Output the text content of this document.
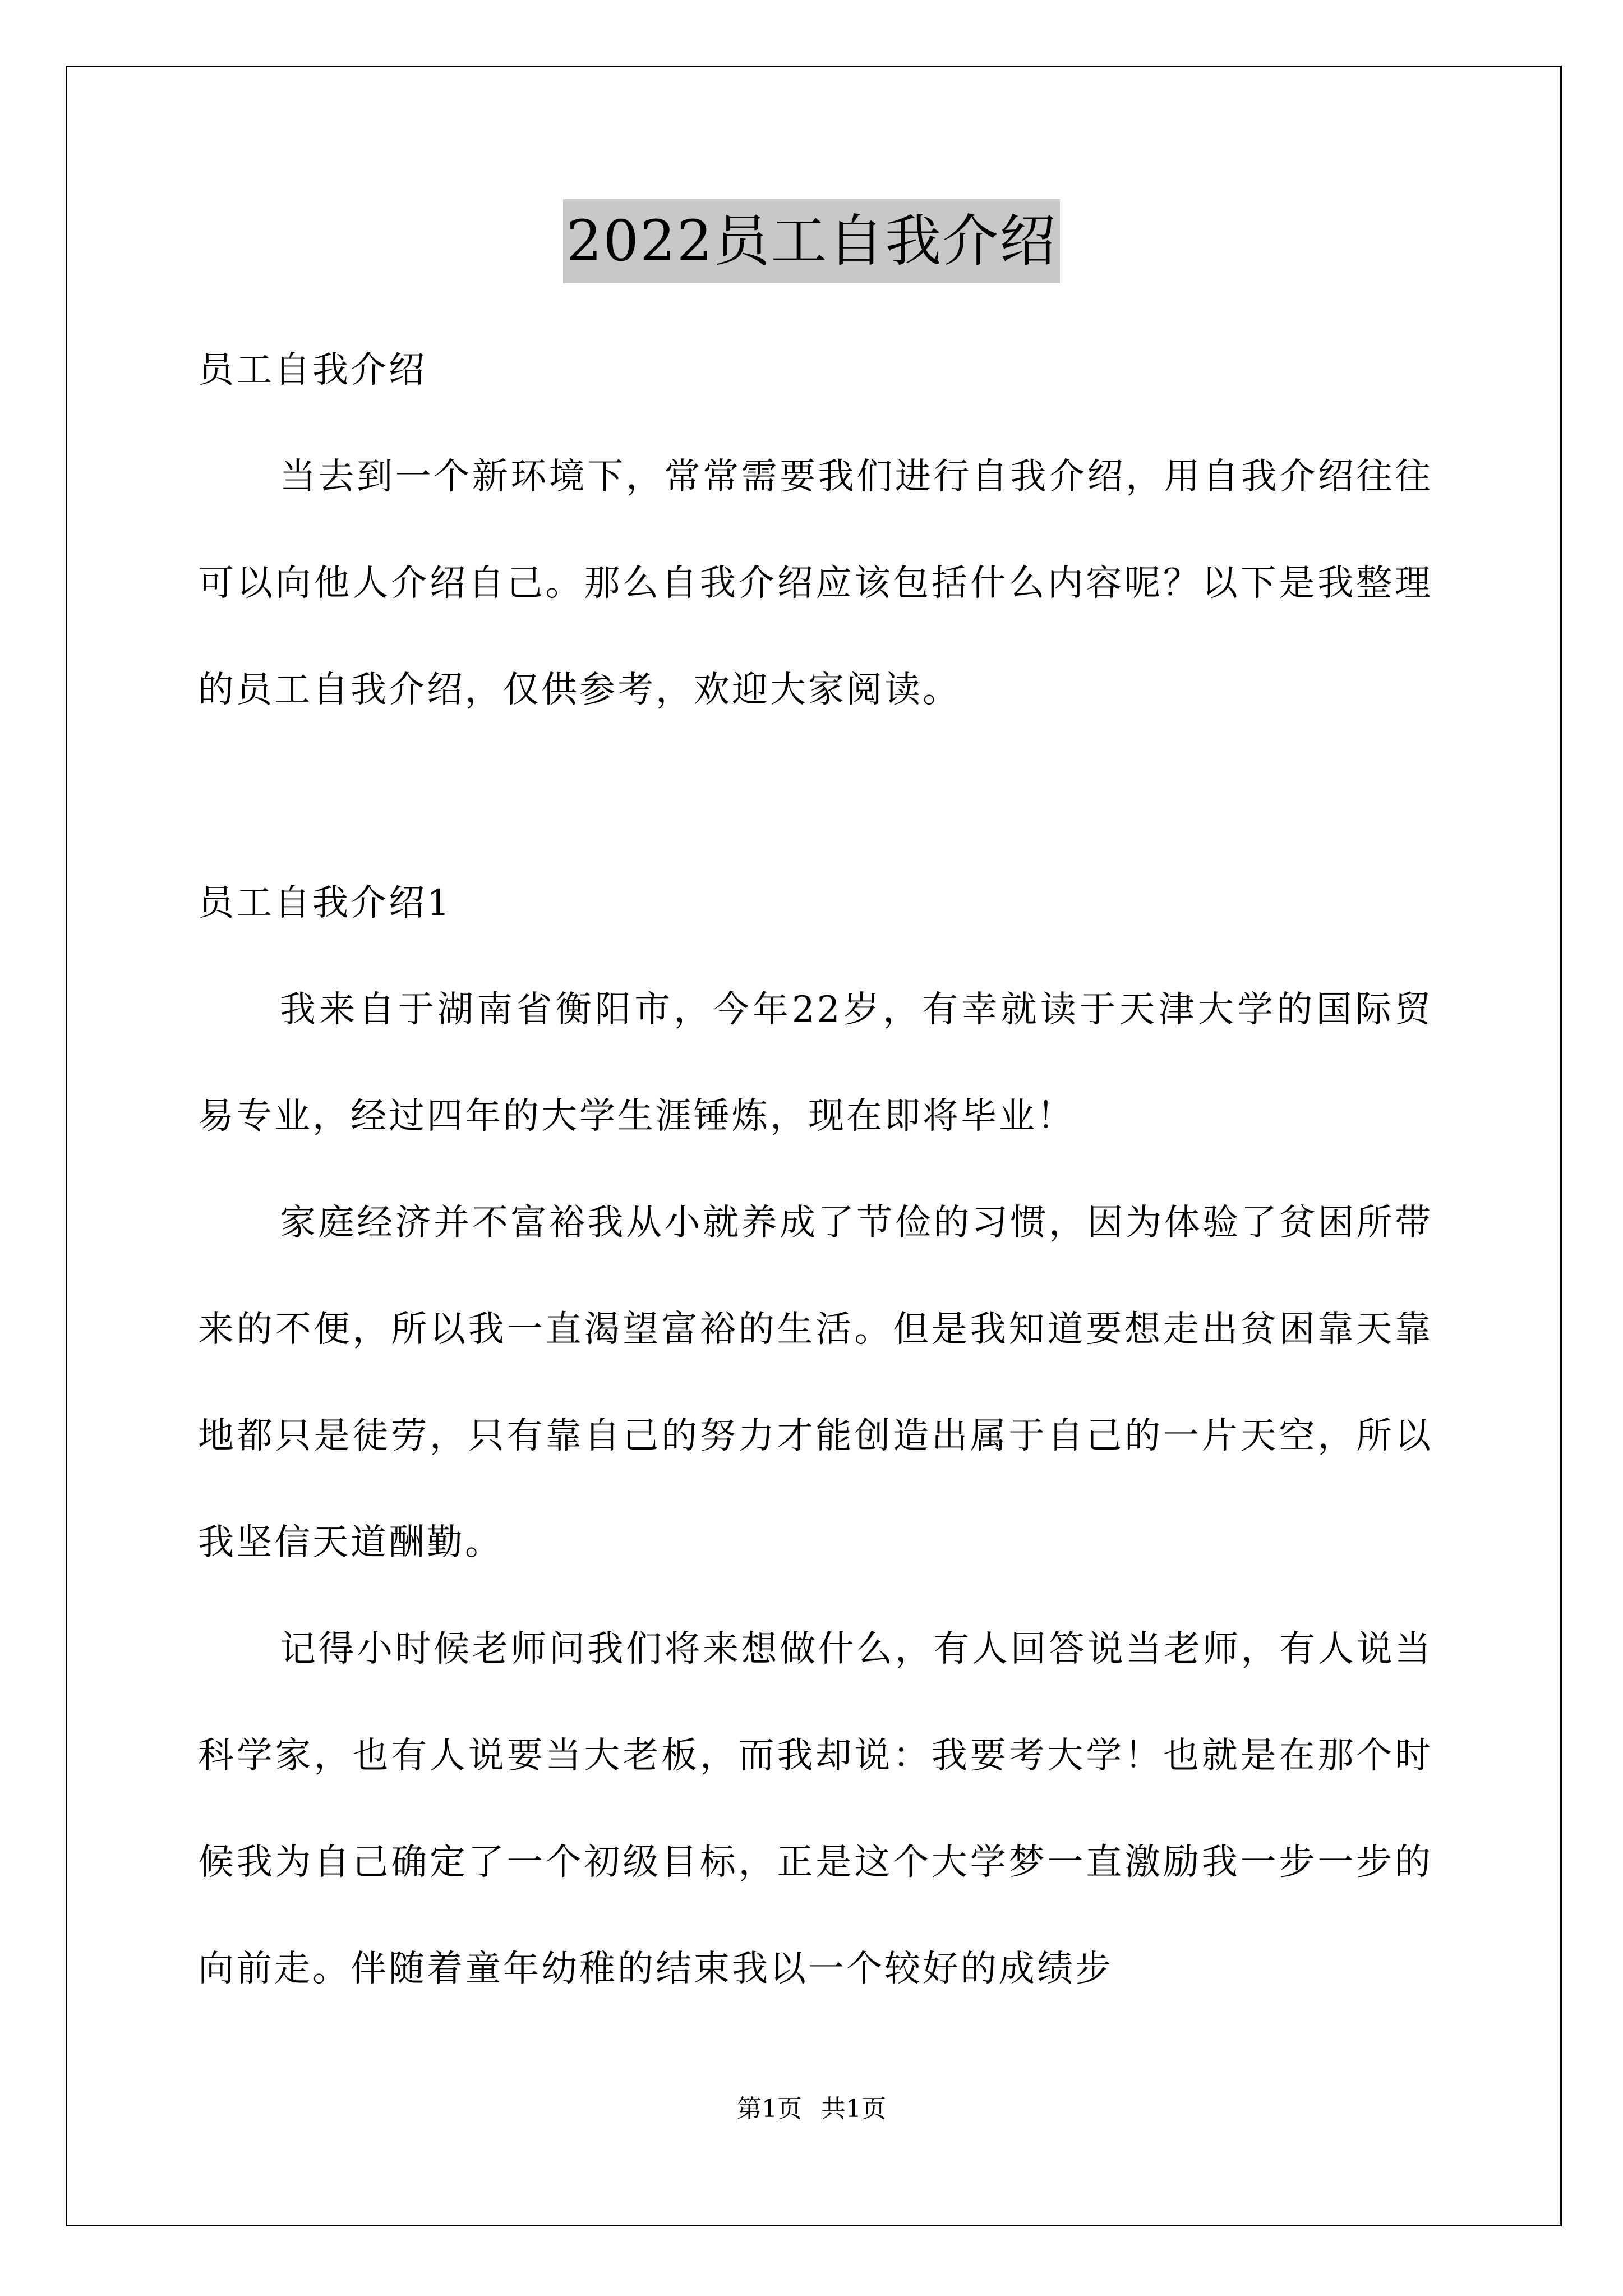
2022员工自我介绍

员工自我介绍

当去到一个新环境下，常常需要我们进行自我介绍，用自我介绍往往可以向他人介绍自己。那么自我介绍应该包括什么内容呢？以下是我整理的员工自我介绍，仅供参考，欢迎大家阅读。

员工自我介绍1

我来自于湖南省衡阳市，今年22岁，有幸就读于天津大学的国际贸易专业，经过四年的大学生涯锤炼，现在即将毕业！

家庭经济并不富裕我从小就养成了节俭的习惯，因为体验了贫困所带来的不便，所以我一直渴望富裕的生活。但是我知道要想走出贫困靠天靠地都只是徒劳，只有靠自己的努力才能创造出属于自己的一片天空，所以我坚信天道酬勤。

记得小时候老师问我们将来想做什么，有人回答说当老师，有人说当科学家，也有人说要当大老板，而我却说：我要考大学！也就是在那个时候我为自己确定了一个初级目标，正是这个大学梦一直激励我一步一步的向前走。伴随着童年幼稚的结束我以一个较好的成绩步

第1页 共1页
